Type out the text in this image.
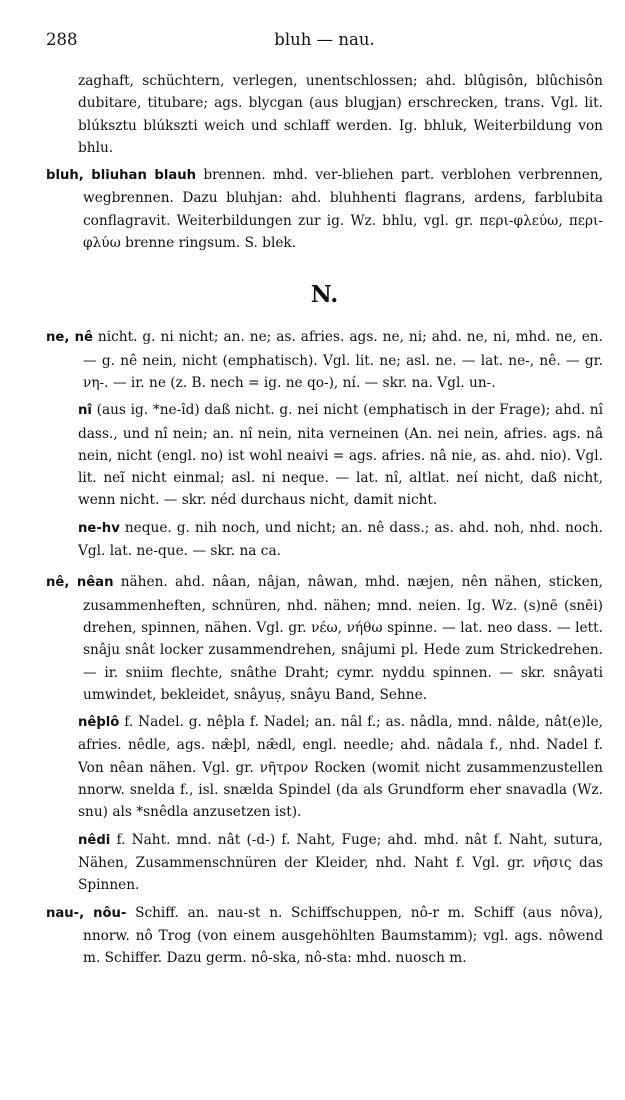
288	bluh — nau.

zaghaft, schüchtern, verlegen, unentschlossen; ahd. blûgisôn, blûchisôn dubitare, titubare; ags. blycgan (aus blugjan) erschrecken, trans. Vgl. lit. blúksztu blúkszti weich und schlaff werden. Ig. bhluk, Weiterbildung von bhlu.

bluh, bliuhan blauh brennen. mhd. ver-bliehen part. verblohen verbrennen, wegbrennen. Dazu bluhjan: ahd. bluhhenti flagrans, ardens, farblubita conflagravit. Weiterbildungen zur ig. Wz. bhlu, vgl. gr. περι-φλεύω, περι-φλύω brenne ringsum. S. blek.

N.

ne, nê nicht. g. ni nicht; an. ne; as. afries. ags. ne, ni; ahd. ne, ni, mhd. ne, en. — g. nê nein, nicht (emphatisch). Vgl. lit. ne; asl. ne. — lat. ne-, nê. — gr. νη-. — ir. ne (z. B. nech = ig. ne qo-), ní. — skr. na. Vgl. un-.

nî (aus ig. *ne-îd) daß nicht. g. nei nicht (emphatisch in der Frage); ahd. nî dass., und nî nein; an. nî nein, nita verneinen (An. nei nein, afries. ags. nâ nein, nicht (engl. no) ist wohl neaivi = ags. afries. nâ nie, as. ahd. nio). Vgl. lit. neĩ nicht einmal; asl. ni neque. — lat. nî, altlat. neí nicht, daß nicht, wenn nicht. — skr. néd durchaus nicht, damit nicht.

ne-hv neque. g. nih noch, und nicht; an. nê dass.; as. ahd. noh, nhd. noch. Vgl. lat. ne-que. — skr. na ca.

nê, nêan nähen. ahd. nâan, nâjan, nâwan, mhd. næjen, nên nähen, sticken, zusammenheften, schnüren, nhd. nähen; mnd. neien. Ig. Wz. (s)nē (snēi) drehen, spinnen, nähen. Vgl. gr. νέω, νήθω spinne. — lat. neo dass. — lett. snâju snât locker zusammendrehen, snâjumi pl. Hede zum Strickedrehen. — ir. sniim flechte, snâthe Draht; cymr. nyddu spinnen. — skr. snâyati umwindet, bekleidet, snâyuṣ, snâyu Band, Sehne.

nêþlô f. Nadel. g. nêþla f. Nadel; an. nâl f.; as. nâdla, mnd. nâlde, nât(e)le, afries. nêdle, ags. næ̂þl, næ̂dl, engl. needle; ahd. nâdala f., nhd. Nadel f. Von nêan nähen. Vgl. gr. νῆτρον Rocken (womit nicht zusammenzustellen nnorw. snelda f., isl. snælda Spindel (da als Grundform eher snavadla (Wz. snu) als *snêdla anzusetzen ist).

nêdi f. Naht. mnd. nât (-d-) f. Naht, Fuge; ahd. mhd. nât f. Naht, sutura, Nähen, Zusammenschnüren der Kleider, nhd. Naht f. Vgl. gr. νῆσις das Spinnen.

nau-, nôu- Schiff. an. nau-st n. Schiffschuppen, nô-r m. Schiff (aus nôva), nnorw. nô Trog (von einem ausgehöhlten Baumstamm); vgl. ags. nôwend m. Schiffer. Dazu germ. nô-ska, nô-sta: mhd. nuosch m.
